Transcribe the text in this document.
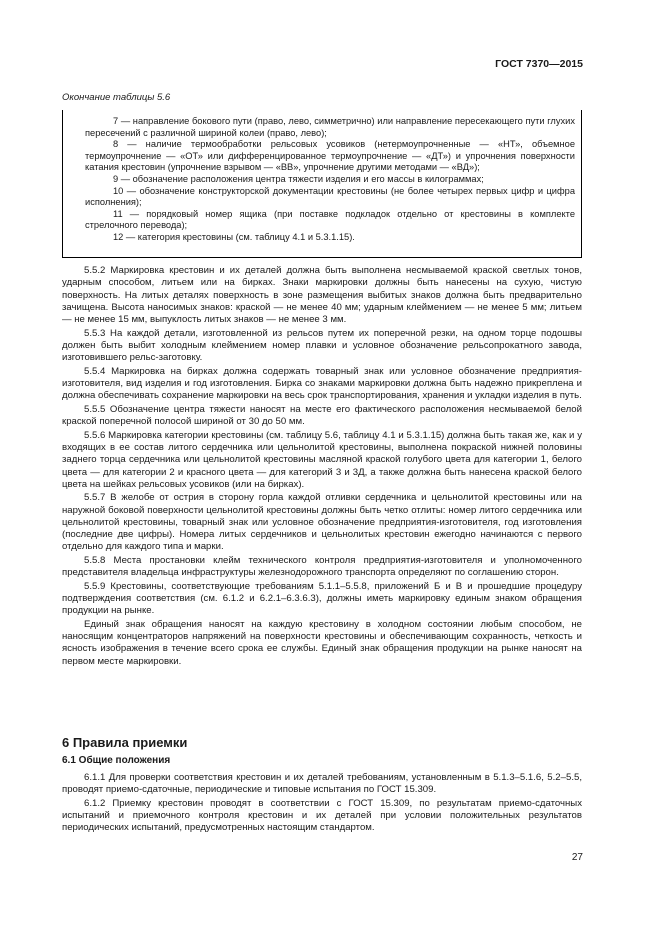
ГОСТ 7370—2015
Окончание таблицы 5.6

7 — направление бокового пути (право, лево, симметрично) или направление пересекающего пути глухих пересечений с различной шириной колеи (право, лево);

8 — наличие термообработки рельсовых усовиков (нетермоупрочненные — «НТ», объемное термоупрочнение — «ОТ» или дифференцированное термоупрочнение — «ДТ») и упрочнения поверхности катания крестовин (упрочнение взрывом — «ВВ», упрочнение другими методами — «ВД»);

9 — обозначение расположения центра тяжести изделия и его массы в килограммах;

10 — обозначение конструкторской документации крестовины (не более четырех первых цифр и цифра исполнения);

11 — порядковый номер ящика (при поставке подкладок отдельно от крестовины в комплекте стрелочного перевода);

12 — категория крестовины (см. таблицу 4.1 и 5.3.1.15).

5.5.2 Маркировка крестовин и их деталей должна быть выполнена несмываемой краской светлых тонов, ударным способом, литьем или на бирках. Знаки маркировки должны быть нанесены на сухую, чистую поверхность. На литых деталях поверхность в зоне размещения выбитых знаков должна быть предварительно зачищена. Высота наносимых знаков: краской — не менее 40 мм; ударным клеймением — не менее 5 мм; литьем — не менее 15 мм, выпуклость литых знаков — не менее 3 мм.

5.5.3 На каждой детали, изготовленной из рельсов путем их поперечной резки, на одном торце подошвы должен быть выбит холодным клеймением номер плавки и условное обозначение рельсопрокатного завода, изготовившего рельс-заготовку.

5.5.4 Маркировка на бирках должна содержать товарный знак или условное обозначение предприятия-изготовителя, вид изделия и год изготовления. Бирка со знаками маркировки должна быть надежно прикреплена и должна обеспечивать сохранение маркировки на весь срок транспортирования, хранения и укладки изделия в путь.

5.5.5 Обозначение центра тяжести наносят на месте его фактического расположения несмываемой белой краской поперечной полосой шириной от 30 до 50 мм.

5.5.6 Маркировка категории крестовины (см. таблицу 5.6, таблицу 4.1 и 5.3.1.15) должна быть такая же, как и у входящих в ее состав литого сердечника или цельнолитой крестовины, выполнена покраской нижней половины заднего торца сердечника или цельнолитой крестовины масляной краской голубого цвета для категории 1, белого цвета — для категории 2 и красного цвета — для категорий 3 и 3Д, а также должна быть нанесена краской белого цвета на шейках рельсовых усовиков (или на бирках).

5.5.7 В желобе от острия в сторону горла каждой отливки сердечника и цельнолитой крестовины или на наружной боковой поверхности цельнолитой крестовины должны быть четко отлиты: номер литого сердечника или цельнолитой крестовины, товарный знак или условное обозначение предприятия-изготовителя, год изготовления (последние две цифры). Номера литых сердечников и цельнолитых крестовин ежегодно начинаются с первого отдельно для каждого типа и марки.

5.5.8 Места простановки клейм технического контроля предприятия-изготовителя и уполномоченного представителя владельца инфраструктуры железнодорожного транспорта определяют по соглашению сторон.

5.5.9 Крестовины, соответствующие требованиям 5.1.1–5.5.8, приложений Б и В и прошедшие процедуру подтверждения соответствия (см. 6.1.2 и 6.2.1–6.3.6.3), должны иметь маркировку единым знаком обращения продукции на рынке.

Единый знак обращения наносят на каждую крестовину в холодном состоянии любым способом, не наносящим концентраторов напряжений на поверхности крестовины и обеспечивающим сохранность, четкость и ясность изображения в течение всего срока ее службы. Единый знак обращения продукции на рынке наносят на первом месте маркировки.

6 Правила приемки
6.1 Общие положения

6.1.1 Для проверки соответствия крестовин и их деталей требованиям, установленным в 5.1.3–5.1.6, 5.2–5.5, проводят приемо-сдаточные, периодические и типовые испытания по ГОСТ 15.309.

6.1.2 Приемку крестовин проводят в соответствии с ГОСТ 15.309, по результатам приемо-сдаточных испытаний и приемочного контроля крестовин и их деталей при условии положительных результатов периодических испытаний, предусмотренных настоящим стандартом.

27
